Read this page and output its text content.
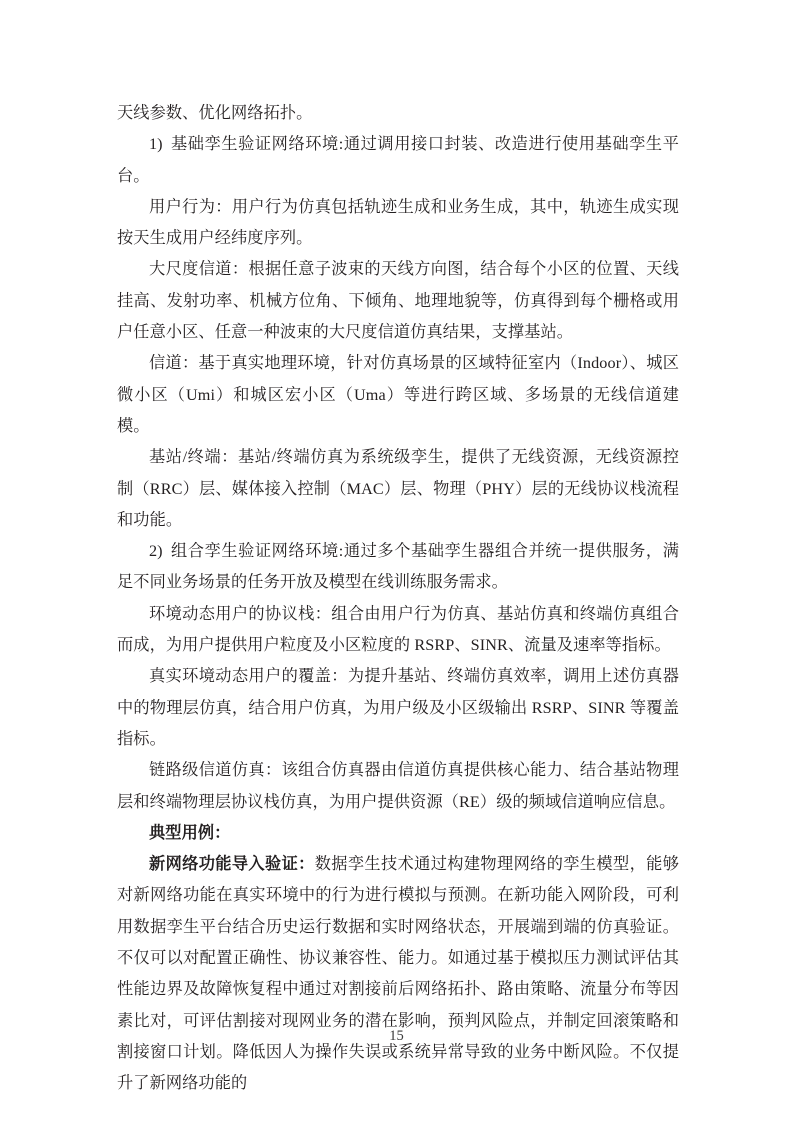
天线参数、优化网络拓扑。

1) 基础孪生验证网络环境:通过调用接口封装、改造进行使用基础孪生平台。

用户行为：用户行为仿真包括轨迹生成和业务生成，其中，轨迹生成实现按天生成用户经纬度序列。

大尺度信道：根据任意子波束的天线方向图，结合每个小区的位置、天线挂高、发射功率、机械方位角、下倾角、地理地貌等，仿真得到每个栅格或用户任意小区、任意一种波束的大尺度信道仿真结果，支撑基站。

信道：基于真实地理环境，针对仿真场景的区域特征室内（Indoor）、城区微小区（Umi）和城区宏小区（Uma）等进行跨区域、多场景的无线信道建模。

基站/终端：基站/终端仿真为系统级孪生，提供了无线资源，无线资源控制（RRC）层、媒体接入控制（MAC）层、物理（PHY）层的无线协议栈流程和功能。

2) 组合孪生验证网络环境:通过多个基础孪生器组合并统一提供服务，满足不同业务场景的任务开放及模型在线训练服务需求。

环境动态用户的协议栈：组合由用户行为仿真、基站仿真和终端仿真组合而成，为用户提供用户粒度及小区粒度的 RSRP、SINR、流量及速率等指标。

真实环境动态用户的覆盖：为提升基站、终端仿真效率，调用上述仿真器中的物理层仿真，结合用户仿真，为用户级及小区级输出 RSRP、SINR 等覆盖指标。

链路级信道仿真：该组合仿真器由信道仿真提供核心能力、结合基站物理层和终端物理层协议栈仿真，为用户提供资源（RE）级的频域信道响应信息。

典型用例：

新网络功能导入验证：数据孪生技术通过构建物理网络的孪生模型，能够对新网络功能在真实环境中的行为进行模拟与预测。在新功能入网阶段，可利用数据孪生平台结合历史运行数据和实时网络状态，开展端到端的仿真验证。不仅可以对配置正确性、协议兼容性、能力。如通过基于模拟压力测试评估其性能边界及故障恢复程中通过对割接前后网络拓扑、路由策略、流量分布等因素比对，可评估割接对现网业务的潜在影响，预判风险点，并制定回滚策略和割接窗口计划。降低因人为操作失误或系统异常导致的业务中断风险。不仅提升了新网络功能的

15
